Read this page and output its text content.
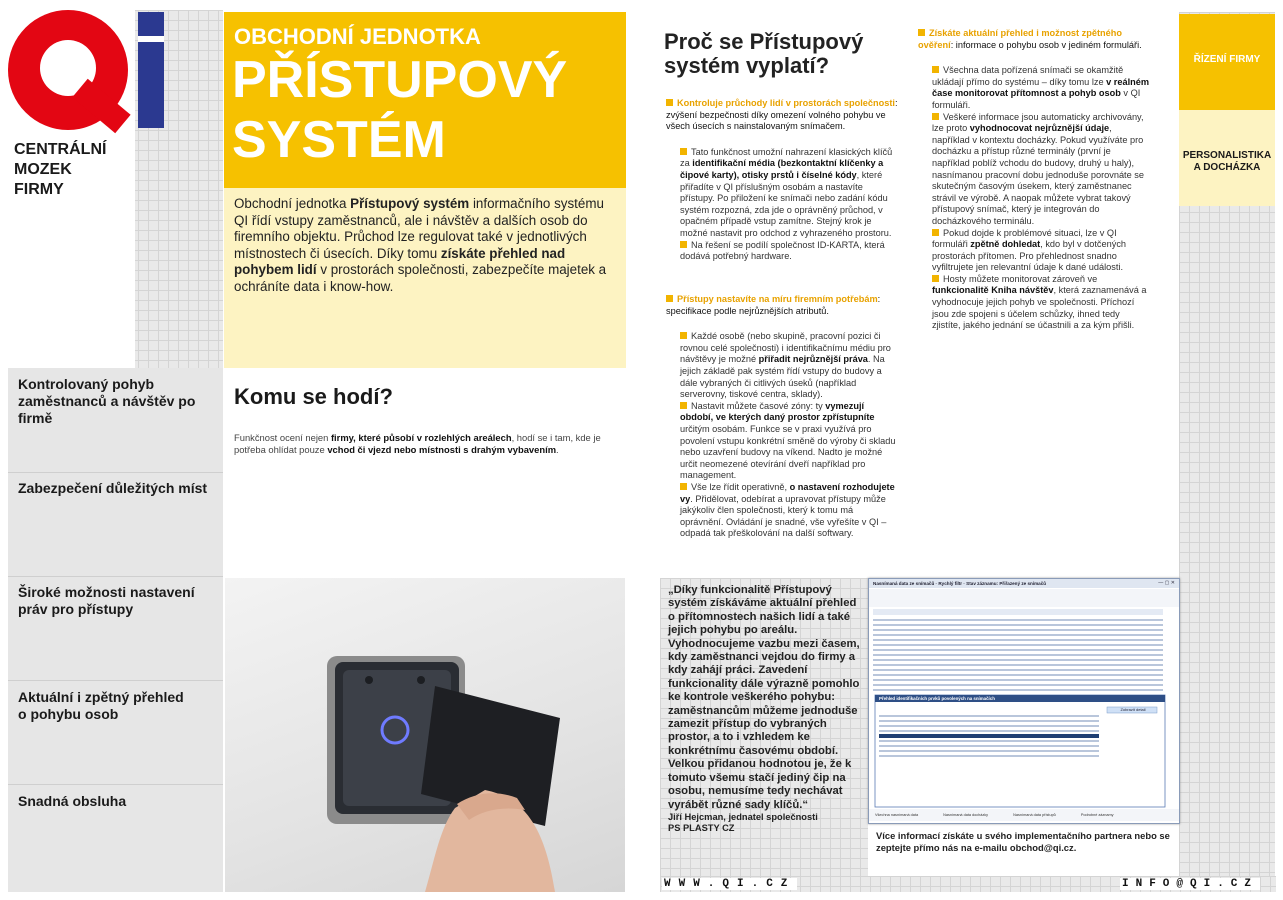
CENTRÁLNÍ
MOZEK
FIRMY
Kontrolovaný pohyb zaměstnanců a návštěv po firmě
Zabezpečení důležitých míst
Široké možnosti nastavení práv pro přístupy
Aktuální i zpětný přehled o pohybu osob
Snadná obsluha
OBCHODNÍ JEDNOTKA
PŘÍSTUPOVÝ
SYSTÉM
Obchodní jednotka Přístupový systém informačního systému QI řídí vstupy zaměstnanců, ale i návštěv a dalších osob do firemního objektu. Průchod lze regulovat také v jednotlivých místnostech či úsecích. Díky tomu získáte přehled nad pohybem lidí v prostorách společnosti, zabezpečíte majetek a ochráníte data i know-how.
Komu se hodí?
Funkčnost ocení nejen firmy, které působí v rozlehlých areálech, hodí se i tam, kde je potřeba ohlídat pouze vchod či vjezd nebo místnosti s drahým vybavením.
Proč se Přístupový
systém vyplatí?

Kontroluje průchody lidí v prostorách společnosti: zvýšení bezpečnosti díky omezení volného pohybu ve všech úsecích s nainstalovaným snímačem.

Tato funkčnost umožní nahrazení klasických klíčů za identifikační média (bezkontaktní klíčenky a čipové karty), otisky prstů i číselné kódy, které přiřadíte v QI příslušným osobám a nastavíte přístupy. Po přiložení ke snímači nebo zadání kódu systém rozpozná, zda jde o oprávněný průchod, v opačném případě vstup zamítne. Stejný krok je možné nastavit pro odchod z vyhrazeného prostoru.

Na řešení se podílí společnost ID-KARTA, která dodává potřebný hardware.

Přístupy nastavíte na míru firemním potřebám: specifikace podle nejrůznějších atributů.

Každé osobě (nebo skupině, pracovní pozici či rovnou celé společnosti) i identifikačnímu médiu pro návštěvy je možné přiřadit nejrůznější práva. Na jejich základě pak systém řídí vstupy do budovy a dále vybraných či citlivých úseků (například serverovny, tiskové centra, sklady).

Nastavit můžete časové zóny: ty vymezují období, ve kterých daný prostor zpřístupníte určitým osobám. Funkce se v praxi využívá pro povolení vstupu konkrétní směně do výroby či skladu nebo uzavření budovy na víkend. Nadto je možné určit neomezené otevírání dveří například pro management.

Vše lze řídit operativně, o nastavení rozhodujete vy. Přidělovat, odebírat a upravovat přístupy může jakýkoliv člen společnosti, který k tomu má oprávnění. Ovládání je snadné, vše vyřešíte v QI – odpadá tak přeškolování na další softwary.

Získáte aktuální přehled i možnost zpětného ověření: informace o pohybu osob v jediném formuláři.

Všechna data pořízená snímači se okamžitě ukládají přímo do systému – díky tomu lze v reálném čase monitorovat přítomnost a pohyb osob v QI formuláři.

Veškeré informace jsou automaticky archivovány, lze proto vyhodnocovat nejrůznější údaje, například v kontextu docházky. Pokud využíváte pro docházku a přístup různé terminály (první je například poblíž vchodu do budovy, druhý u haly), nasnímanou pracovní dobu jednoduše porovnáte se skutečným časovým úsekem, který zaměstnanec strávil ve výrobě. A naopak můžete vybrat takový přístupový snímač, který je integrován do docházkového terminálu.

Pokud dojde k problémové situaci, lze v QI formuláři zpětně dohledat, kdo byl v dotčených prostorách přítomen. Pro přehlednost snadno vyfiltrujete jen relevantní údaje k dané události.

Hosty můžete monitorovat zároveň ve funkcionalitě Kniha návštěv, která zaznamenává a vyhodnocuje jejich pohyb ve společnosti. Příchozí jsou zde spojeni s účelem schůzky, ihned tedy zjistíte, jakého jednání se účastnili a za kým přišli.

ŘÍZENÍ FIRMY
PERSONALISTIKA
A DOCHÁZKA
„Díky funkcionalitě Přístupový systém získáváme aktuální přehled o přítomnostech našich lidí a také jejich pohybu po areálu. Vyhodnocujeme vazbu mezi časem, kdy zaměstnanci vejdou do firmy a kdy zahájí práci. Zavedení funkcionality dále výrazně pomohlo ke kontrole veškerého pohybu: zaměstnancům můžeme jednoduše zamezit přístup do vybraných prostor, a to i vzhledem ke konkrétnímu časovému období. Velkou přidanou hodnotou je, že k tomuto všemu stačí jediný čip na osobu, nemusíme tedy nechávat vyrábět různé sady klíčů.“
Jiří Hejcman, jednatel společnosti
PS PLASTY CZ
Nasnímaná data ze snímačů · Rychlý filtr · Stav záznamu: Přiřazený ze snímačů	— ▢ ✕
Přehled identifikačních prvků povolených na snímačích
Zobrazit detail
Všechna nasnímaná data	Nasnímaná data docházky	Nasnímaná data přístupů	Podrobné záznamy
Více informací získáte u svého implementačního partnera nebo se zeptejte přímo nás na e-mailu obchod@qi.cz.
WWW.QI.CZ	INFO@QI.CZ
